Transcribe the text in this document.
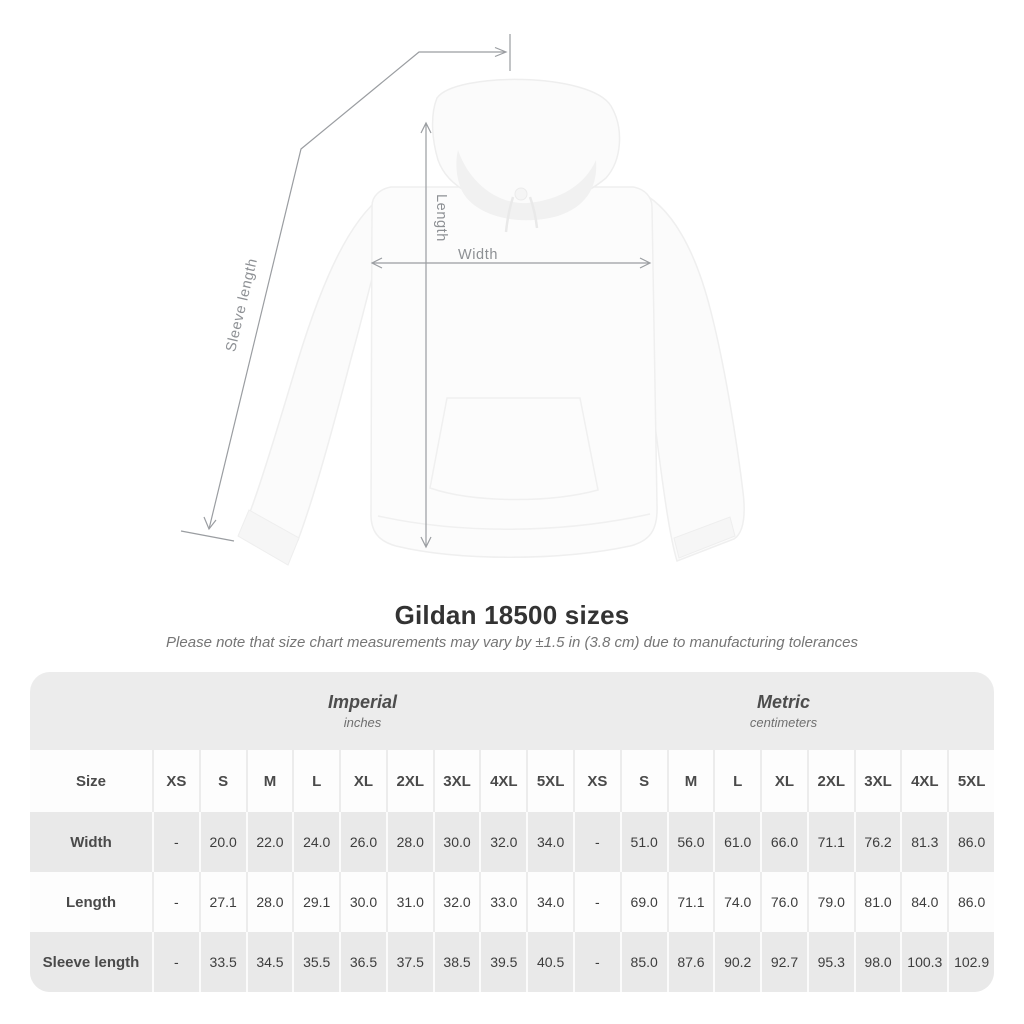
Sleeve length
Length
Width
Gildan 18500 sizes
Please note that size chart measurements may vary by ±1.5 in (3.8 cm) due to manufacturing tolerances
Imperial
inches
Metric
centimeters
Size	XS	S	M	L	XL	2XL	3XL	4XL	5XL	XS	S	M	L	XL	2XL	3XL	4XL	5XL
Width	-	20.0	22.0	24.0	26.0	28.0	30.0	32.0	34.0	-	51.0	56.0	61.0	66.0	71.1	76.2	81.3	86.0
Length	-	27.1	28.0	29.1	30.0	31.0	32.0	33.0	34.0	-	69.0	71.1	74.0	76.0	79.0	81.0	84.0	86.0
Sleeve length	-	33.5	34.5	35.5	36.5	37.5	38.5	39.5	40.5	-	85.0	87.6	90.2	92.7	95.3	98.0	100.3 102.9
